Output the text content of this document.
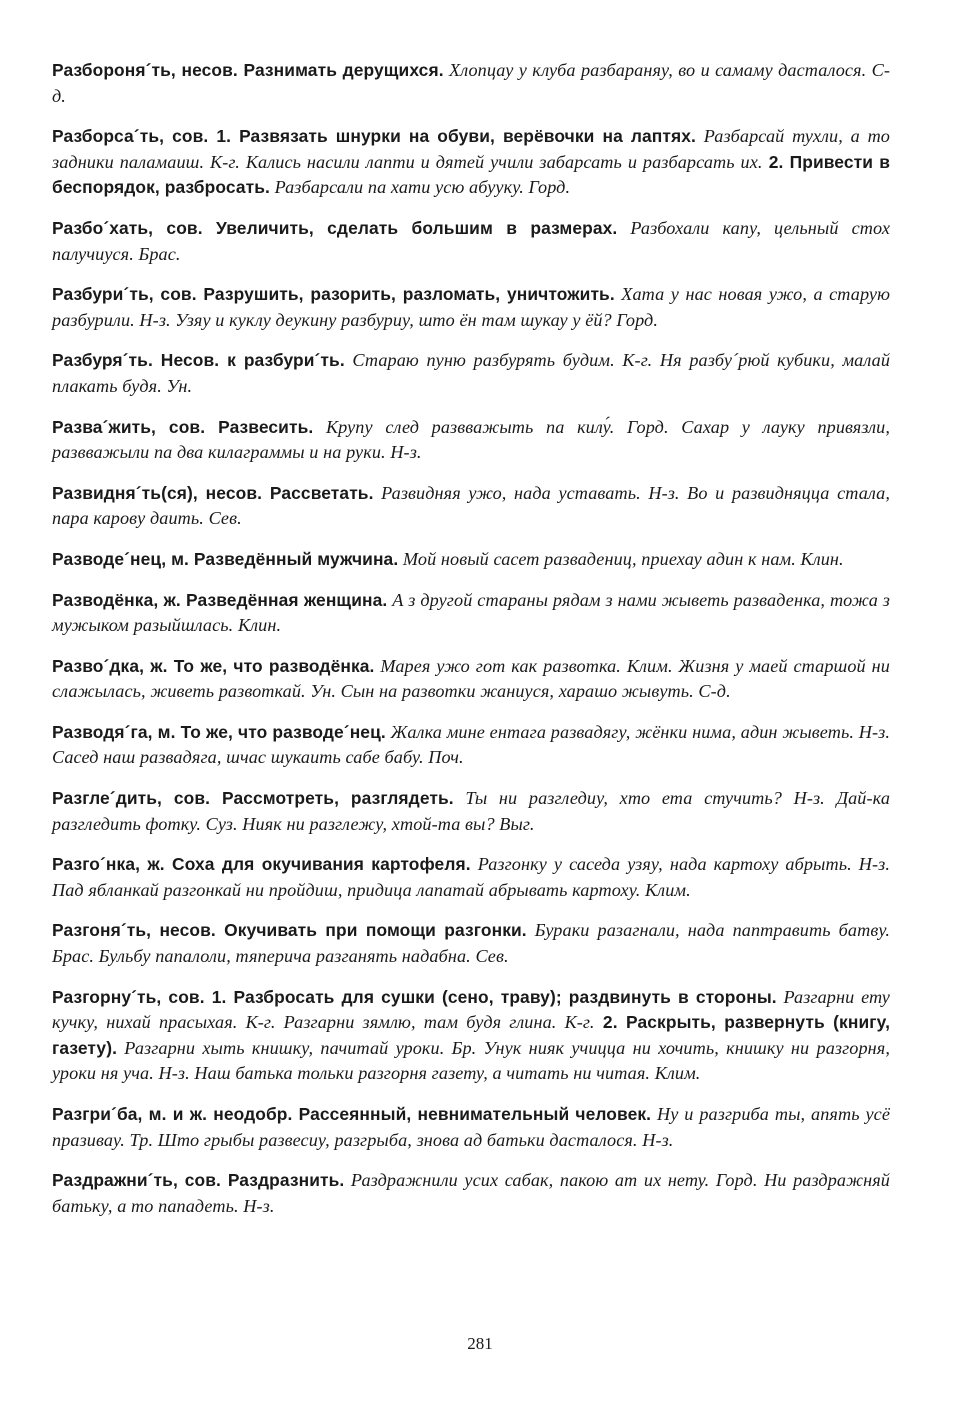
Разбороня´ть, несов. Разнимать дерущихся. Хлопцау у клуба разбараняу, во и самаму дасталося. С-д.

Разборса´ть, сов. 1. Развязать шнурки на обуви, верёвочки на лаптях. Разбарсай тухли, а то задники паламаиш. К-г. Кались насили лапти и дятей учили забарсать и разбарсать их. 2. Привести в беспорядок, разбросать. Разбарсали па хати усю абууку. Горд.

Разбо´хать, сов. Увеличить, сделать большим в размерах. Разбохали капу, цельный стох палучиуся. Брас.

Разбури´ть, сов. Разрушить, разорить, разломать, уничтожить. Хата у нас новая ужо, а старую разбурили. Н-з. Узяу и куклу деукину разбуриу, што ён там шукау у ёй? Горд.

Разбуря´ть. Несов. к разбури´ть. Стараю пуню разбурять будим. К-г. Ня разбу´рюй кубики, малай плакать будя. Ун.

Разва´жить, сов. Развесить. Крупу след развважыть па килу́. Горд. Сахар у лауку привязли, развважыли па два килаграммы и на руки. Н-з.

Развидня´ть(ся), несов. Рассветать. Развидняя ужо, нада уставать. Н-з. Во и развидняцца стала, пара карову даить. Сев.

Разводе´нец, м. Разведённый мужчина. Мой новый сасет развадениц, приехау адин к нам. Клин.

Разводёнка, ж. Разведённая женщина. А з другой старaны рядам з нами жыветь разваденка, тожа з мужыком разыйшлась. Клин.

Разво´дка, ж. То же, что разводёнка. Марея ужо гот как развотка. Клим. Жизня у маей старшой ни слажылась, живеть развоткай. Ун. Сын на развотки жаниуся, харашо жывуть. С-д.

Разводя´га, м. То же, что разводе´нец. Жалка мине ентага развадягу, жёнки нима, адин жыветь. Н-з. Сасед наш развадяга, шчас шукаить сабе бабу. Поч.

Разгле´дить, сов. Рассмотреть, разглядеть. Ты ни разгледиу, хто ета стучить? Н-з. Дай-ка разгледить фотку. Суз. Нияк ни разглежу, хтой-та вы? Выг.

Разго´нка, ж. Соха для окучивания картофеля. Разгонку у саседа узяу, нада картоху абрыть. Н-з. Пад ябланкай разгонкай ни пройдиш, придица лапатай абрывать картоху. Клим.

Разгоня´ть, несов. Окучивать при помощи разгонки. Бураки разагнали, нада паптравить батву. Брас. Бульбу папалоли, тяперича разганять надабна. Сев.

Разгорну´ть, сов. 1. Разбросать для сушки (сено, траву); раздвинуть в стороны. Разгарни ету кучку, нихай прасыхая. К-г. Разгарни зямлю, там будя глина. К-г. 2. Раскрыть, развернуть (книгу, газету). Разгарни хыть книшку, пачитай уроки. Бр. Унук нияк учицца ни хочить, книшку ни разгорня, уроки ня уча. Н-з. Наш батька тольки разгорня газету, а читать ни читая. Клим.

Разгри´ба, м. и ж. неодобр. Рассеянный, невнимательный человек. Ну и разгриба ты, апять усё празиваy. Тр. Што грыбы развесиу, разгрыба, знова ад батьки дасталося. Н-з.

Раздражни´ть, сов. Раздразнить. Раздражнили усих сабак, пакою ат их нету. Горд. Ни раздражняй батьку, а то пападеть. Н-з.

281
